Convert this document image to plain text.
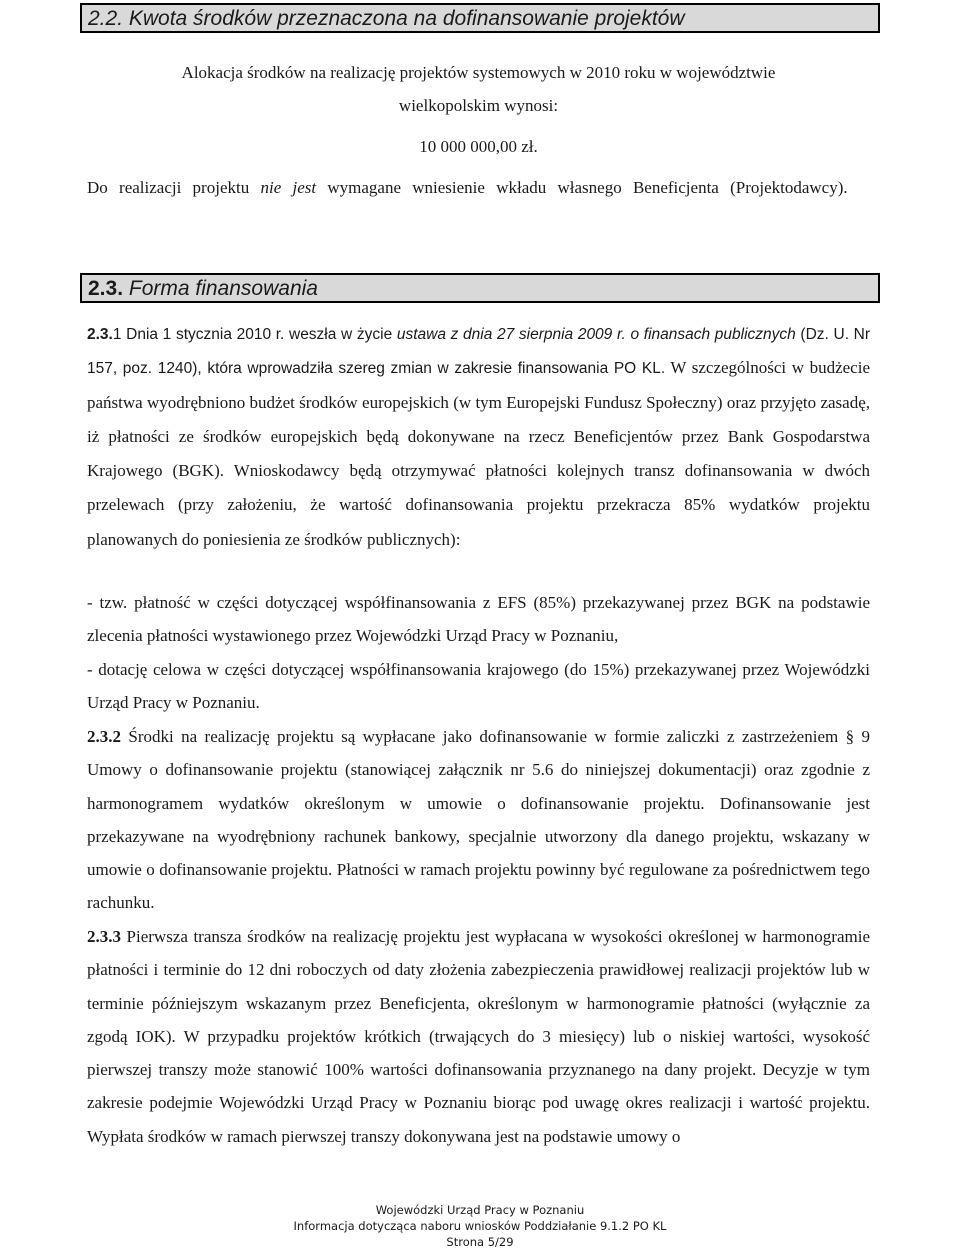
2.2. Kwota środków przeznaczona na dofinansowanie projektów

Alokacja środków na realizację projektów systemowych w 2010 roku w województwie
wielkopolskim wynosi:

10 000 000,00 zł.

Do realizacji projektu nie jest wymagane wniesienie wkładu własnego Beneficjenta (Projektodawcy).

2.3. Forma finansowania

2.3.1 Dnia 1 stycznia 2010 r. weszła w życie ustawa z dnia 27 sierpnia 2009 r. o finansach publicznych (Dz. U. Nr 157, poz. 1240), która wprowadziła szereg zmian w zakresie finansowania PO KL. W szczególności w budżecie państwa wyodrębniono budżet środków europejskich (w tym Europejski Fundusz Społeczny) oraz przyjęto zasadę, iż płatności ze środków europejskich będą dokonywane na rzecz Beneficjentów przez Bank Gospodarstwa Krajowego (BGK). Wnioskodawcy będą otrzymywać płatności kolejnych transz dofinansowania w dwóch przelewach (przy założeniu, że wartość dofinansowania projektu przekracza 85% wydatków projektu planowanych do poniesienia ze środków publicznych):

- tzw. płatność w części dotyczącej współfinansowania z EFS (85%) przekazywanej przez BGK na podstawie zlecenia płatności wystawionego przez Wojewódzki Urząd Pracy w Poznaniu,

- dotację celowa w części dotyczącej współfinansowania krajowego (do 15%) przekazywanej przez Wojewódzki Urząd Pracy w Poznaniu.

2.3.2 Środki na realizację projektu są wypłacane jako dofinansowanie w formie zaliczki z zastrzeżeniem § 9 Umowy o dofinansowanie projektu (stanowiącej załącznik nr 5.6 do niniejszej dokumentacji) oraz zgodnie z harmonogramem wydatków określonym w umowie o dofinansowanie projektu. Dofinansowanie jest przekazywane na wyodrębniony rachunek bankowy, specjalnie utworzony dla danego projektu, wskazany w umowie o dofinansowanie projektu. Płatności w ramach projektu powinny być regulowane za pośrednictwem tego rachunku.

2.3.3 Pierwsza transza środków na realizację projektu jest wypłacana w wysokości określonej w harmonogramie płatności i terminie do 12 dni roboczych od daty złożenia zabezpieczenia prawidłowej realizacji projektów lub w terminie późniejszym wskazanym przez Beneficjenta, określonym w harmonogramie płatności (wyłącznie za zgodą IOK). W przypadku projektów krótkich (trwających do 3 miesięcy) lub o niskiej wartości, wysokość pierwszej transzy może stanowić 100% wartości dofinansowania przyznanego na dany projekt. Decyzje w tym zakresie podejmie Wojewódzki Urząd Pracy w Poznaniu biorąc pod uwagę okres realizacji i wartość projektu. Wypłata środków w ramach pierwszej transzy dokonywana jest na podstawie umowy o

Wojewódzki Urząd Pracy w Poznaniu
Informacja dotycząca naboru wniosków Poddziałanie 9.1.2 PO KL
Strona 5/29
